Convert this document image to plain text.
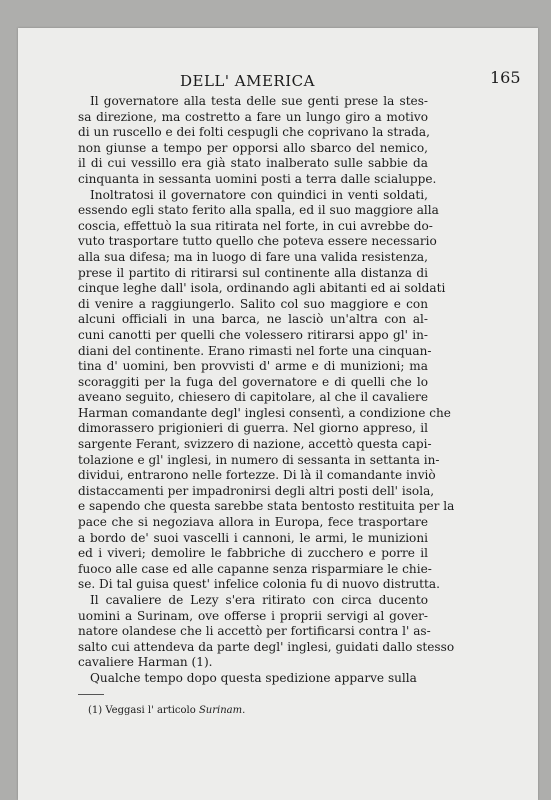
DELL' AMERICA	165
Il governatore alla testa delle sue genti prese la stes-
sa direzione, ma costretto a fare un lungo giro a motivo
di un ruscello e dei folti cespugli che coprivano la strada,
non giunse a tempo per opporsi allo sbarco del nemico,
il di cui vessillo era già stato inalberato sulle sabbie da
cinquanta in sessanta uomini posti a terra dalle scialuppe.
Inoltratosi il governatore con quindici in venti soldati,
essendo egli stato ferito alla spalla, ed il suo maggiore alla
coscia, effettuò la sua ritirata nel forte, in cui avrebbe do-
vuto trasportare tutto quello che poteva essere necessario
alla sua difesa; ma in luogo di fare una valida resistenza,
prese il partito di ritirarsi sul continente alla distanza di
cinque leghe dall' isola, ordinando agli abitanti ed ai soldati
di venire a raggiungerlo. Salito col suo maggiore e con
alcuni officiali in una barca, ne lasciò un'altra con al-
cuni canotti per quelli che volessero ritirarsi appo gl' in-
diani del continente. Erano rimasti nel forte una cinquan-
tina d' uomini, ben provvisti d' arme e di munizioni; ma
scoraggiti per la fuga del governatore e di quelli che lo
aveano seguito, chiesero di capitolare, al che il cavaliere
Harman comandante degl' inglesi consentì, a condizione che
dimorassero prigionieri di guerra. Nel giorno appreso, il
sargente Ferant, svizzero di nazione, accettò questa capi-
tolazione e gl' inglesi, in numero di sessanta in settanta in-
dividui, entrarono nelle fortezze. Di là il comandante inviò
distaccamenti per impadronirsi degli altri posti dell' isola,
e sapendo che questa sarebbe stata bentosto restituita per la
pace che si negoziava allora in Europa, fece trasportare
a bordo de' suoi vascelli i cannoni, le armi, le munizioni
ed i viveri; demolire le fabbriche di zucchero e porre il
fuoco alle case ed alle capanne senza risparmiare le chie-
se. Di tal guisa quest' infelice colonia fu di nuovo distrutta.
Il cavaliere de Lezy s'era ritirato con circa ducento
uomini a Surinam, ove offerse i proprii servigi al gover-
natore olandese che li accettò per fortificarsi contra l' as-
salto cui attendeva da parte degl' inglesi, guidati dallo stesso
cavaliere Harman (1).
Qualche tempo dopo questa spedizione apparve sulla
(1) Veggasi l' articolo Surinam.
